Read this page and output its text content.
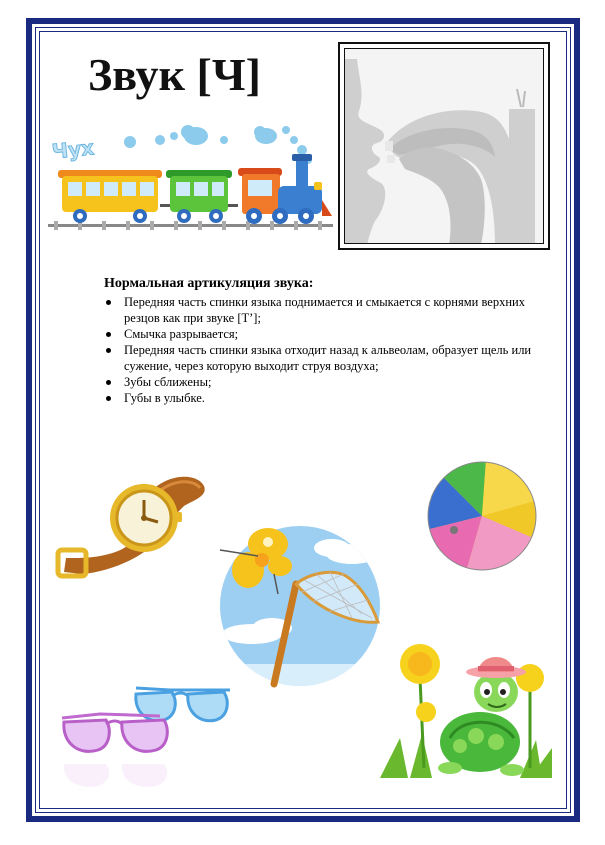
Звук [Ч]
Чух
Нормальная артикуляция звука:
Передняя часть спинки языка поднимается и смыкается с корнями верхних резцов как при звуке [Т’];
Смычка разрывается;
Передняя часть спинки языка отходит назад к альвеолам, образует щель или сужение, через которую выходит струя воздуха;
Зубы сближены;
Губы в улыбке.
